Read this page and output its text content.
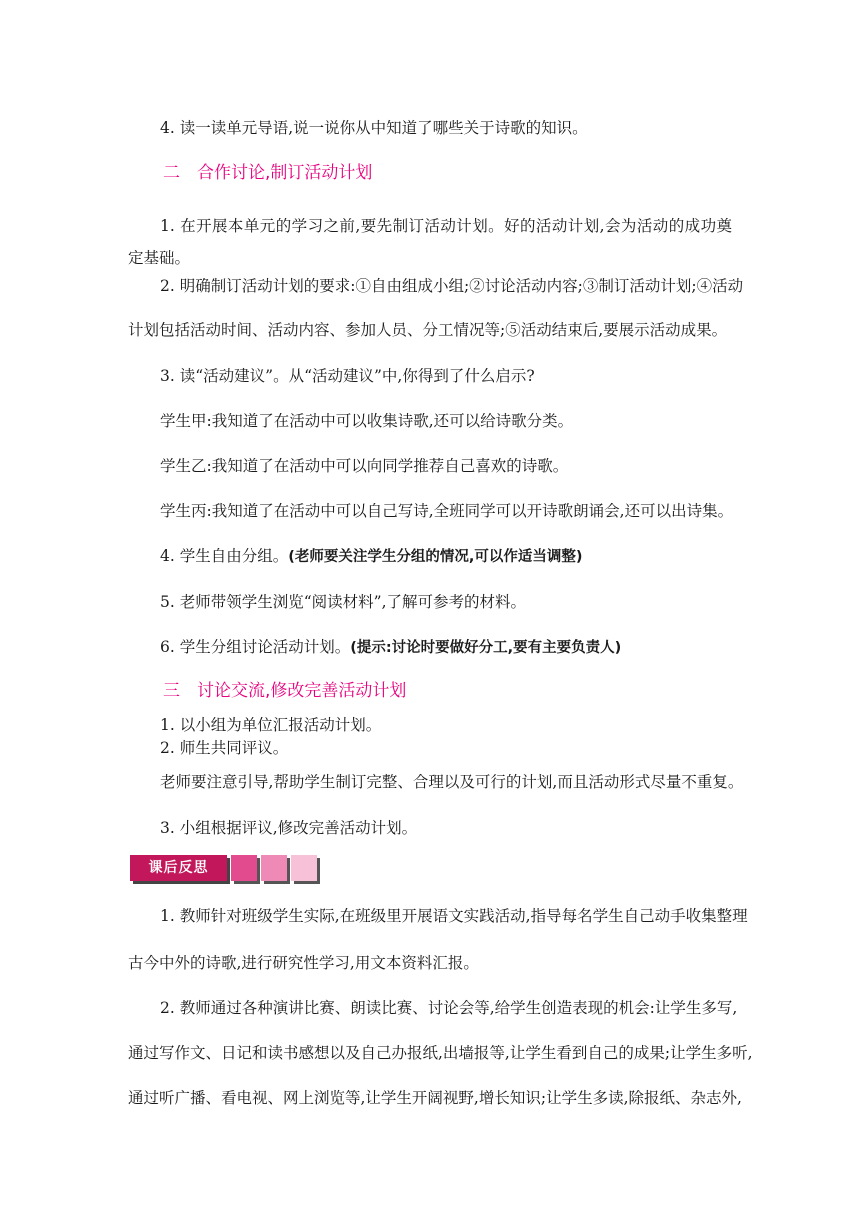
4. 读一读单元导语,说一说你从中知道了哪些关于诗歌的知识。
二 合作讨论,制订活动计划
1. 在开展本单元的学习之前,要先制订活动计划。好的活动计划,会为活动的成功奠定基础。
2. 明确制订活动计划的要求:①自由组成小组;②讨论活动内容;③制订活动计划;④活动
计划包括活动时间、活动内容、参加人员、分工情况等;⑤活动结束后,要展示活动成果。
3. 读“活动建议”。从“活动建议”中,你得到了什么启示?
学生甲:我知道了在活动中可以收集诗歌,还可以给诗歌分类。
学生乙:我知道了在活动中可以向同学推荐自己喜欢的诗歌。
学生丙:我知道了在活动中可以自己写诗,全班同学可以开诗歌朗诵会,还可以出诗集。
4. 学生自由分组。(老师要关注学生分组的情况,可以作适当调整)
5. 老师带领学生浏览“阅读材料”,了解可参考的材料。
6. 学生分组讨论活动计划。(提示:讨论时要做好分工,要有主要负责人)
三 讨论交流,修改完善活动计划
1. 以小组为单位汇报活动计划。
2. 师生共同评议。
老师要注意引导,帮助学生制订完整、合理以及可行的计划,而且活动形式尽量不重复。
3. 小组根据评议,修改完善活动计划。
课后反思
1. 教师针对班级学生实际,在班级里开展语文实践活动,指导每名学生自己动手收集整理
古今中外的诗歌,进行研究性学习,用文本资料汇报。
2. 教师通过各种演讲比赛、朗读比赛、讨论会等,给学生创造表现的机会:让学生多写,
通过写作文、日记和读书感想以及自己办报纸,出墙报等,让学生看到自己的成果;让学生多听,
通过听广播、看电视、网上浏览等,让学生开阔视野,增长知识;让学生多读,除报纸、杂志外,
